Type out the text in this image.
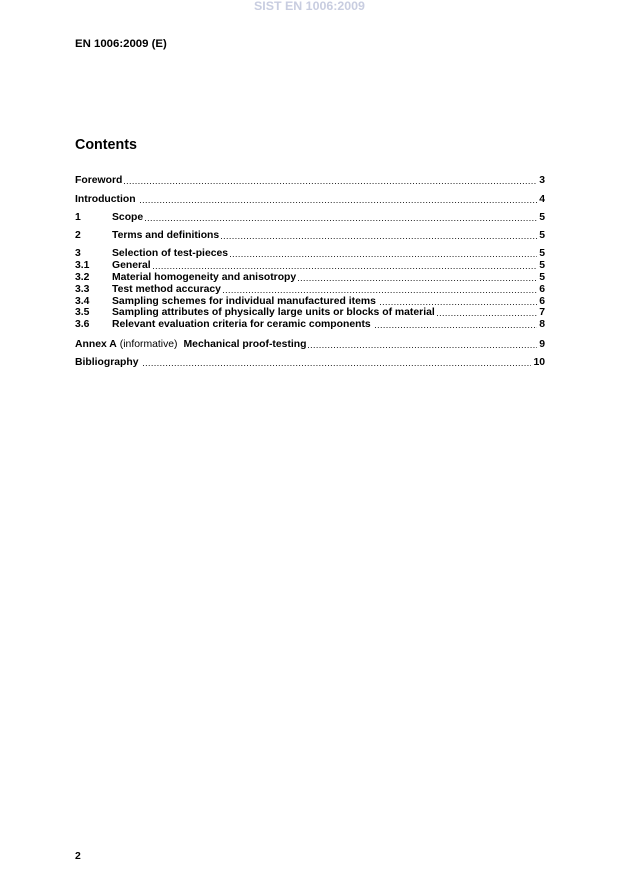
SIST EN 1006:2009
EN 1006:2009 (E)
Contents
Foreword	3
Introduction	4
1	Scope	5
2	Terms and definitions	5
3	Selection of test-pieces	5
3.1	General	5
3.2	Material homogeneity and anisotropy	5
3.3	Test method accuracy	6
3.4	Sampling schemes for individual manufactured items	6
3.5	Sampling attributes of physically large units or blocks of material	7
3.6	Relevant evaluation criteria for ceramic components	8
Annex A (informative) Mechanical proof-testing	9
Bibliography	10
2
